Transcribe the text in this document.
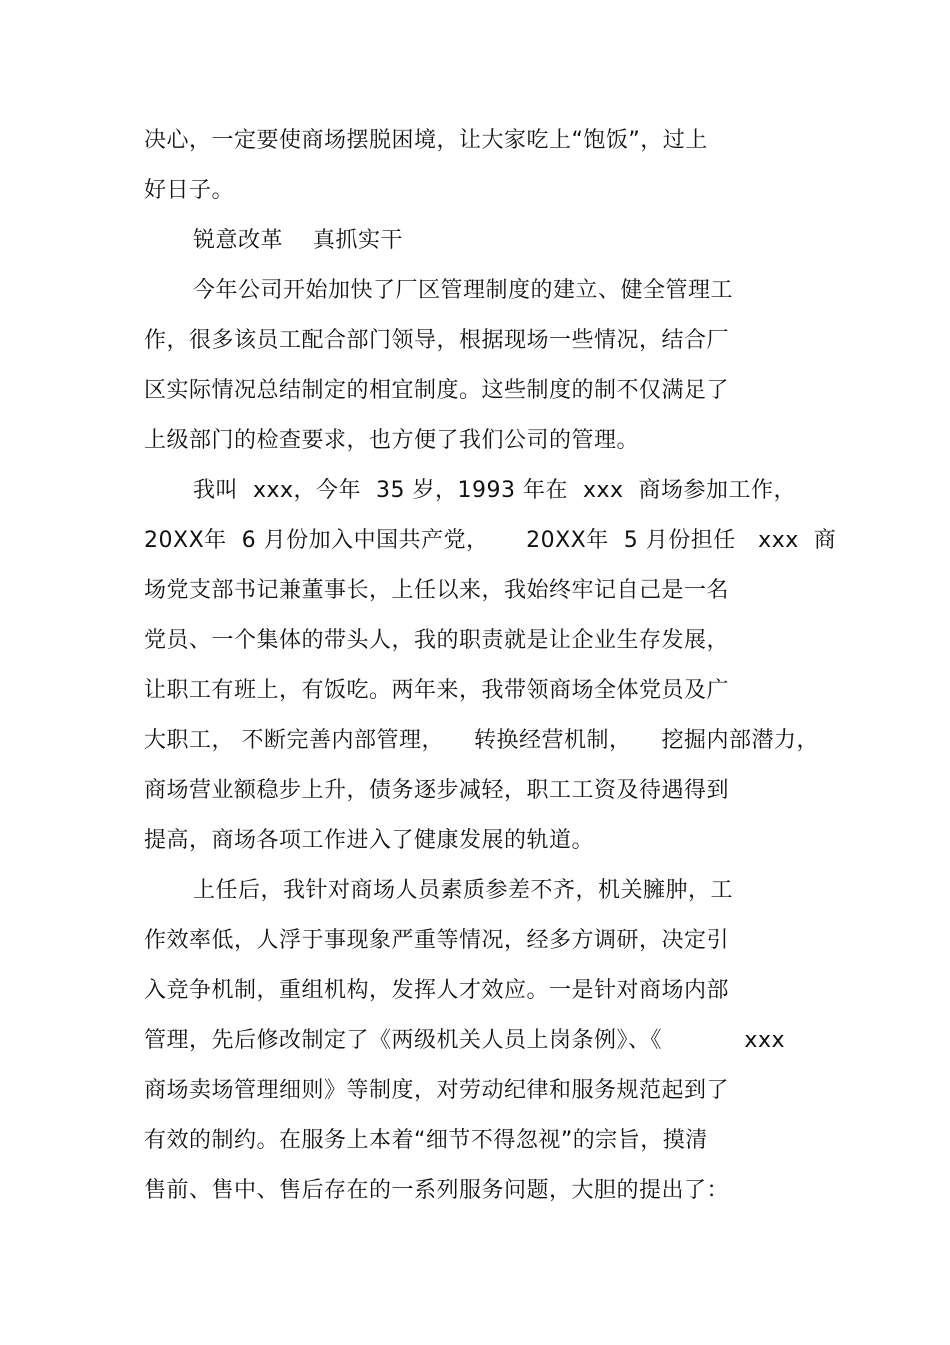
决心，一定要使商场摆脱困境，让大家吃上“饱饭”，过上
好日子。
锐意改革    真抓实干
今年公司开始加快了厂区管理制度的建立、健全管理工
作，很多该员工配合部门领导，根据现场一些情况，结合厂
区实际情况总结制定的相宜制度。这些制度的制不仅满足了
上级部门的检查要求，也方便了我们公司的管理。
我叫  xxx，今年  35 岁，1993 年在  xxx  商场参加工作，
20XX年  6 月份加入中国共产党，     20XX年  5 月份担任   xxx  商
场党支部书记兼董事长，上任以来，我始终牢记自己是一名
党员、一个集体的带头人，我的职责就是让企业生存发展，
让职工有班上，有饭吃。两年来，我带领商场全体党员及广
大职工， 不断完善内部管理，    转换经营机制，    挖掘内部潜力，
商场营业额稳步上升，债务逐步减轻，职工工资及待遇得到
提高，商场各项工作进入了健康发展的轨道。
上任后，我针对商场人员素质参差不齐，机关臃肿，工
作效率低，人浮于事现象严重等情况，经多方调研，决定引
入竞争机制，重组机构，发挥人才效应。一是针对商场内部
管理，先后修改制定了《两级机关人员上岗条例》、《           xxx
商场卖场管理细则》等制度，对劳动纪律和服务规范起到了
有效的制约。在服务上本着“细节不得忽视”的宗旨，摸清
售前、售中、售后存在的一系列服务问题，大胆的提出了：
